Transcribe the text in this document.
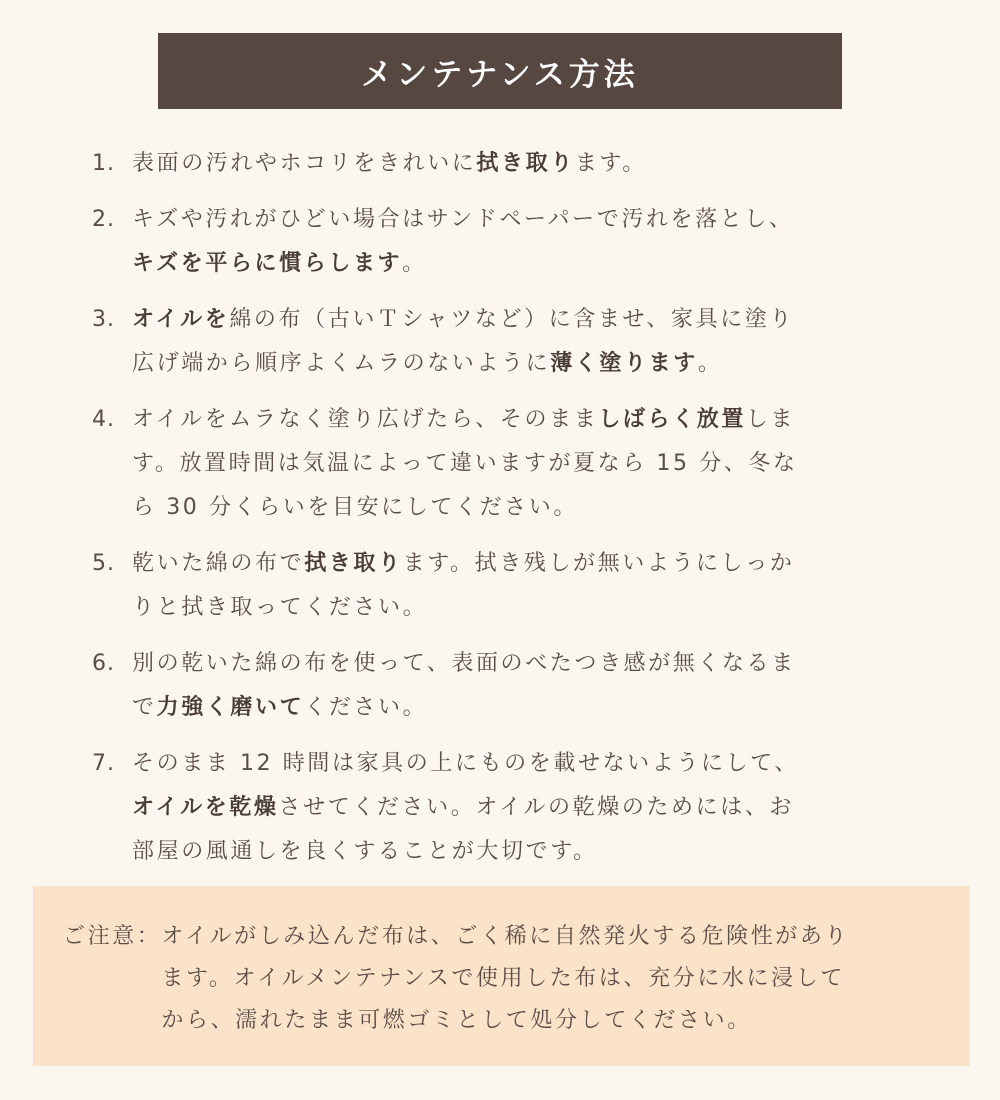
メンテナンス方法
1. 表面の汚れやホコリをきれいに拭き取ります。
2. キズや汚れがひどい場合はサンドペーパーで汚れを落とし、
キズを平らに慣らします。
3. オイルを綿の布（古いＴシャツなど）に含ませ、家具に塗り
広げ端から順序よくムラのないように薄く塗ります。
4. オイルをムラなく塗り広げたら、そのまましばらく放置しま
す。放置時間は気温によって違いますが夏なら 15 分、冬な
ら 30 分くらいを目安にしてください。
5. 乾いた綿の布で拭き取ります。拭き残しが無いようにしっか
りと拭き取ってください。
6. 別の乾いた綿の布を使って、表面のべたつき感が無くなるま
で力強く磨いてください。
7. そのまま 12 時間は家具の上にものを載せないようにして、
オイルを乾燥させてください。オイルの乾燥のためには、お
部屋の風通しを良くすることが大切です。
ご注意： オイルがしみ込んだ布は、ごく稀に自然発火する危険性があり
ます。オイルメンテナンスで使用した布は、充分に水に浸して
から、濡れたまま可燃ゴミとして処分してください。
